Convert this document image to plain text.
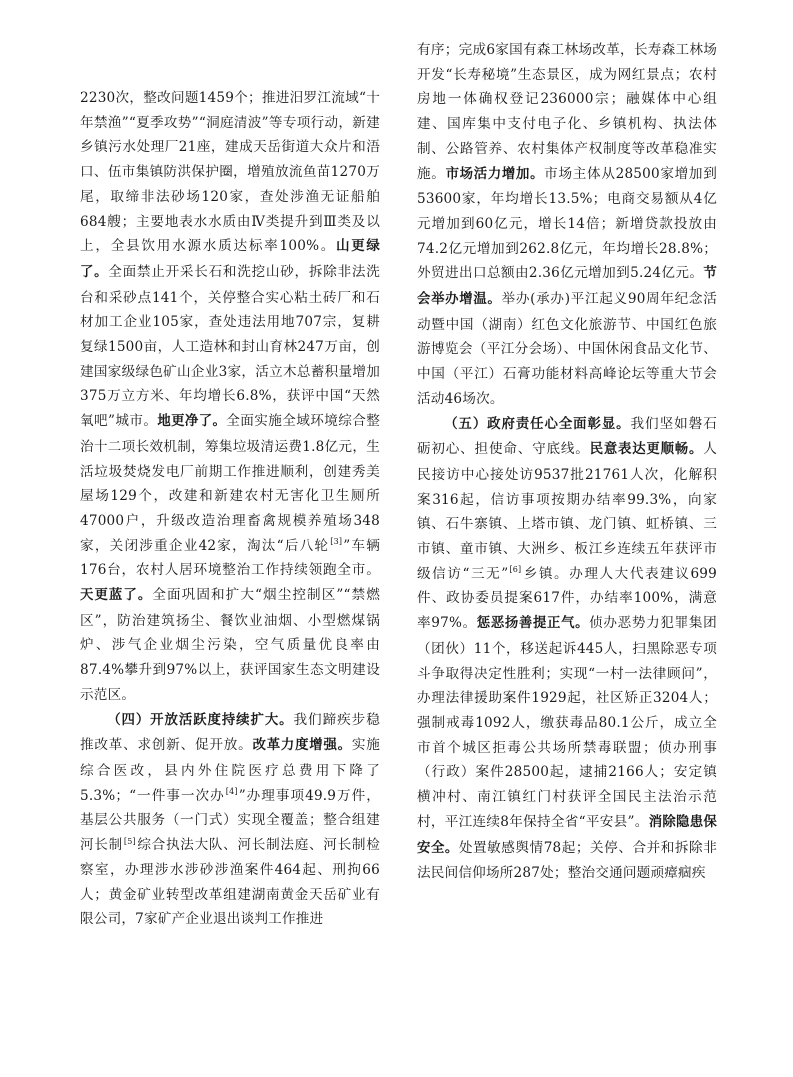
2230次，整改问题1459个；推进汨罗江流域“十年禁渔”“夏季攻势”“洞庭清波”等专项行动，新建乡镇污水处理厂21座，建成天岳街道大众片和浯口、伍市集镇防洪保护圈，增殖放流鱼苗1270万尾，取缔非法砂场120家，查处涉渔无证船舶684艘；主要地表水水质由Ⅳ类提升到Ⅲ类及以上，全县饮用水源水质达标率100%。山更绿了。全面禁止开采长石和洗挖山砂，拆除非法洗台和采砂点141个，关停整合实心粘土砖厂和石材加工企业105家，查处违法用地707宗，复耕复绿1500亩，人工造林和封山育林247万亩，创建国家级绿色矿山企业3家，活立木总蓄积量增加375万立方米、年均增长6.8%，获评中国“天然氧吧”城市。地更净了。全面实施全域环境综合整治十二项长效机制，筹集垃圾清运费1.8亿元，生活垃圾焚烧发电厂前期工作推进顺利，创建秀美屋场129个，改建和新建农村无害化卫生厕所47000户，升级改造治理畜禽规模养殖场348家，关闭涉重企业42家，淘汰“后八轮[3]”车辆176台，农村人居环境整治工作持续领跑全市。天更蓝了。全面巩固和扩大“烟尘控制区”“禁燃区”，防治建筑扬尘、餐饮业油烟、小型燃煤锅炉、涉气企业烟尘污染，空气质量优良率由87.4%攀升到97%以上，获评国家生态文明建设示范区。

（四）开放活跃度持续扩大。我们蹄疾步稳推改革、求创新、促开放。改革力度增强。实施综合医改，县内外住院医疗总费用下降了5.3%；“一件事一次办[4]”办理事项49.9万件，基层公共服务（一门式）实现全覆盖；整合组建河长制[5]综合执法大队、河长制法庭、河长制检察室，办理涉水涉砂涉渔案件464起、刑拘66人；黄金矿业转型改革组建湖南黄金天岳矿业有限公司，7家矿产企业退出谈判工作推进

有序；完成6家国有森工林场改革，长寿森工林场开发“长寿秘境”生态景区，成为网红景点；农村房地一体确权登记236000宗；融媒体中心组建、国库集中支付电子化、乡镇机构、执法体制、公路管养、农村集体产权制度等改革稳准实施。市场活力增加。市场主体从28500家增加到53600家，年均增长13.5%；电商交易额从4亿元增加到60亿元，增长14倍；新增贷款投放由 74.2亿元增加到262.8亿元，年均增长28.8%；外贸进出口总额由2.36亿元增加到5.24亿元。节会举办增温。举办(承办)平江起义90周年纪念活动暨中国（湖南）红色文化旅游节、中国红色旅游博览会（平江分会场）、中国休闲食品文化节、中国（平江）石膏功能材料高峰论坛等重大节会活动46场次。

（五）政府责任心全面彰显。我们坚如磐石砺初心、担使命、守底线。民意表达更顺畅。人民接访中心接处访9537批21761人次，化解积案316起，信访事项按期办结率99.3%，向家镇、石牛寨镇、上塔市镇、龙门镇、虹桥镇、三市镇、童市镇、大洲乡、板江乡连续五年获评市级信访“三无”[6]乡镇。办理人大代表建议699件、政协委员提案617件，办结率100%，满意率97%。惩恶扬善提正气。侦办恶势力犯罪集团（团伙）11个，移送起诉445人，扫黑除恶专项斗争取得决定性胜利；实现“一村一法律顾问”，办理法律援助案件1929起，社区矫正3204人；强制戒毒1092人，缴获毒品80.1公斤，成立全市首个城区拒毒公共场所禁毒联盟；侦办刑事（行政）案件28500起，逮捕2166人；安定镇横冲村、南江镇红门村获评全国民主法治示范村，平江连续8年保持全省“平安县”。消除隐患保安全。处置敏感舆情78起；关停、合并和拆除非法民间信仰场所287处；整治交通问题顽瘴痼疾
